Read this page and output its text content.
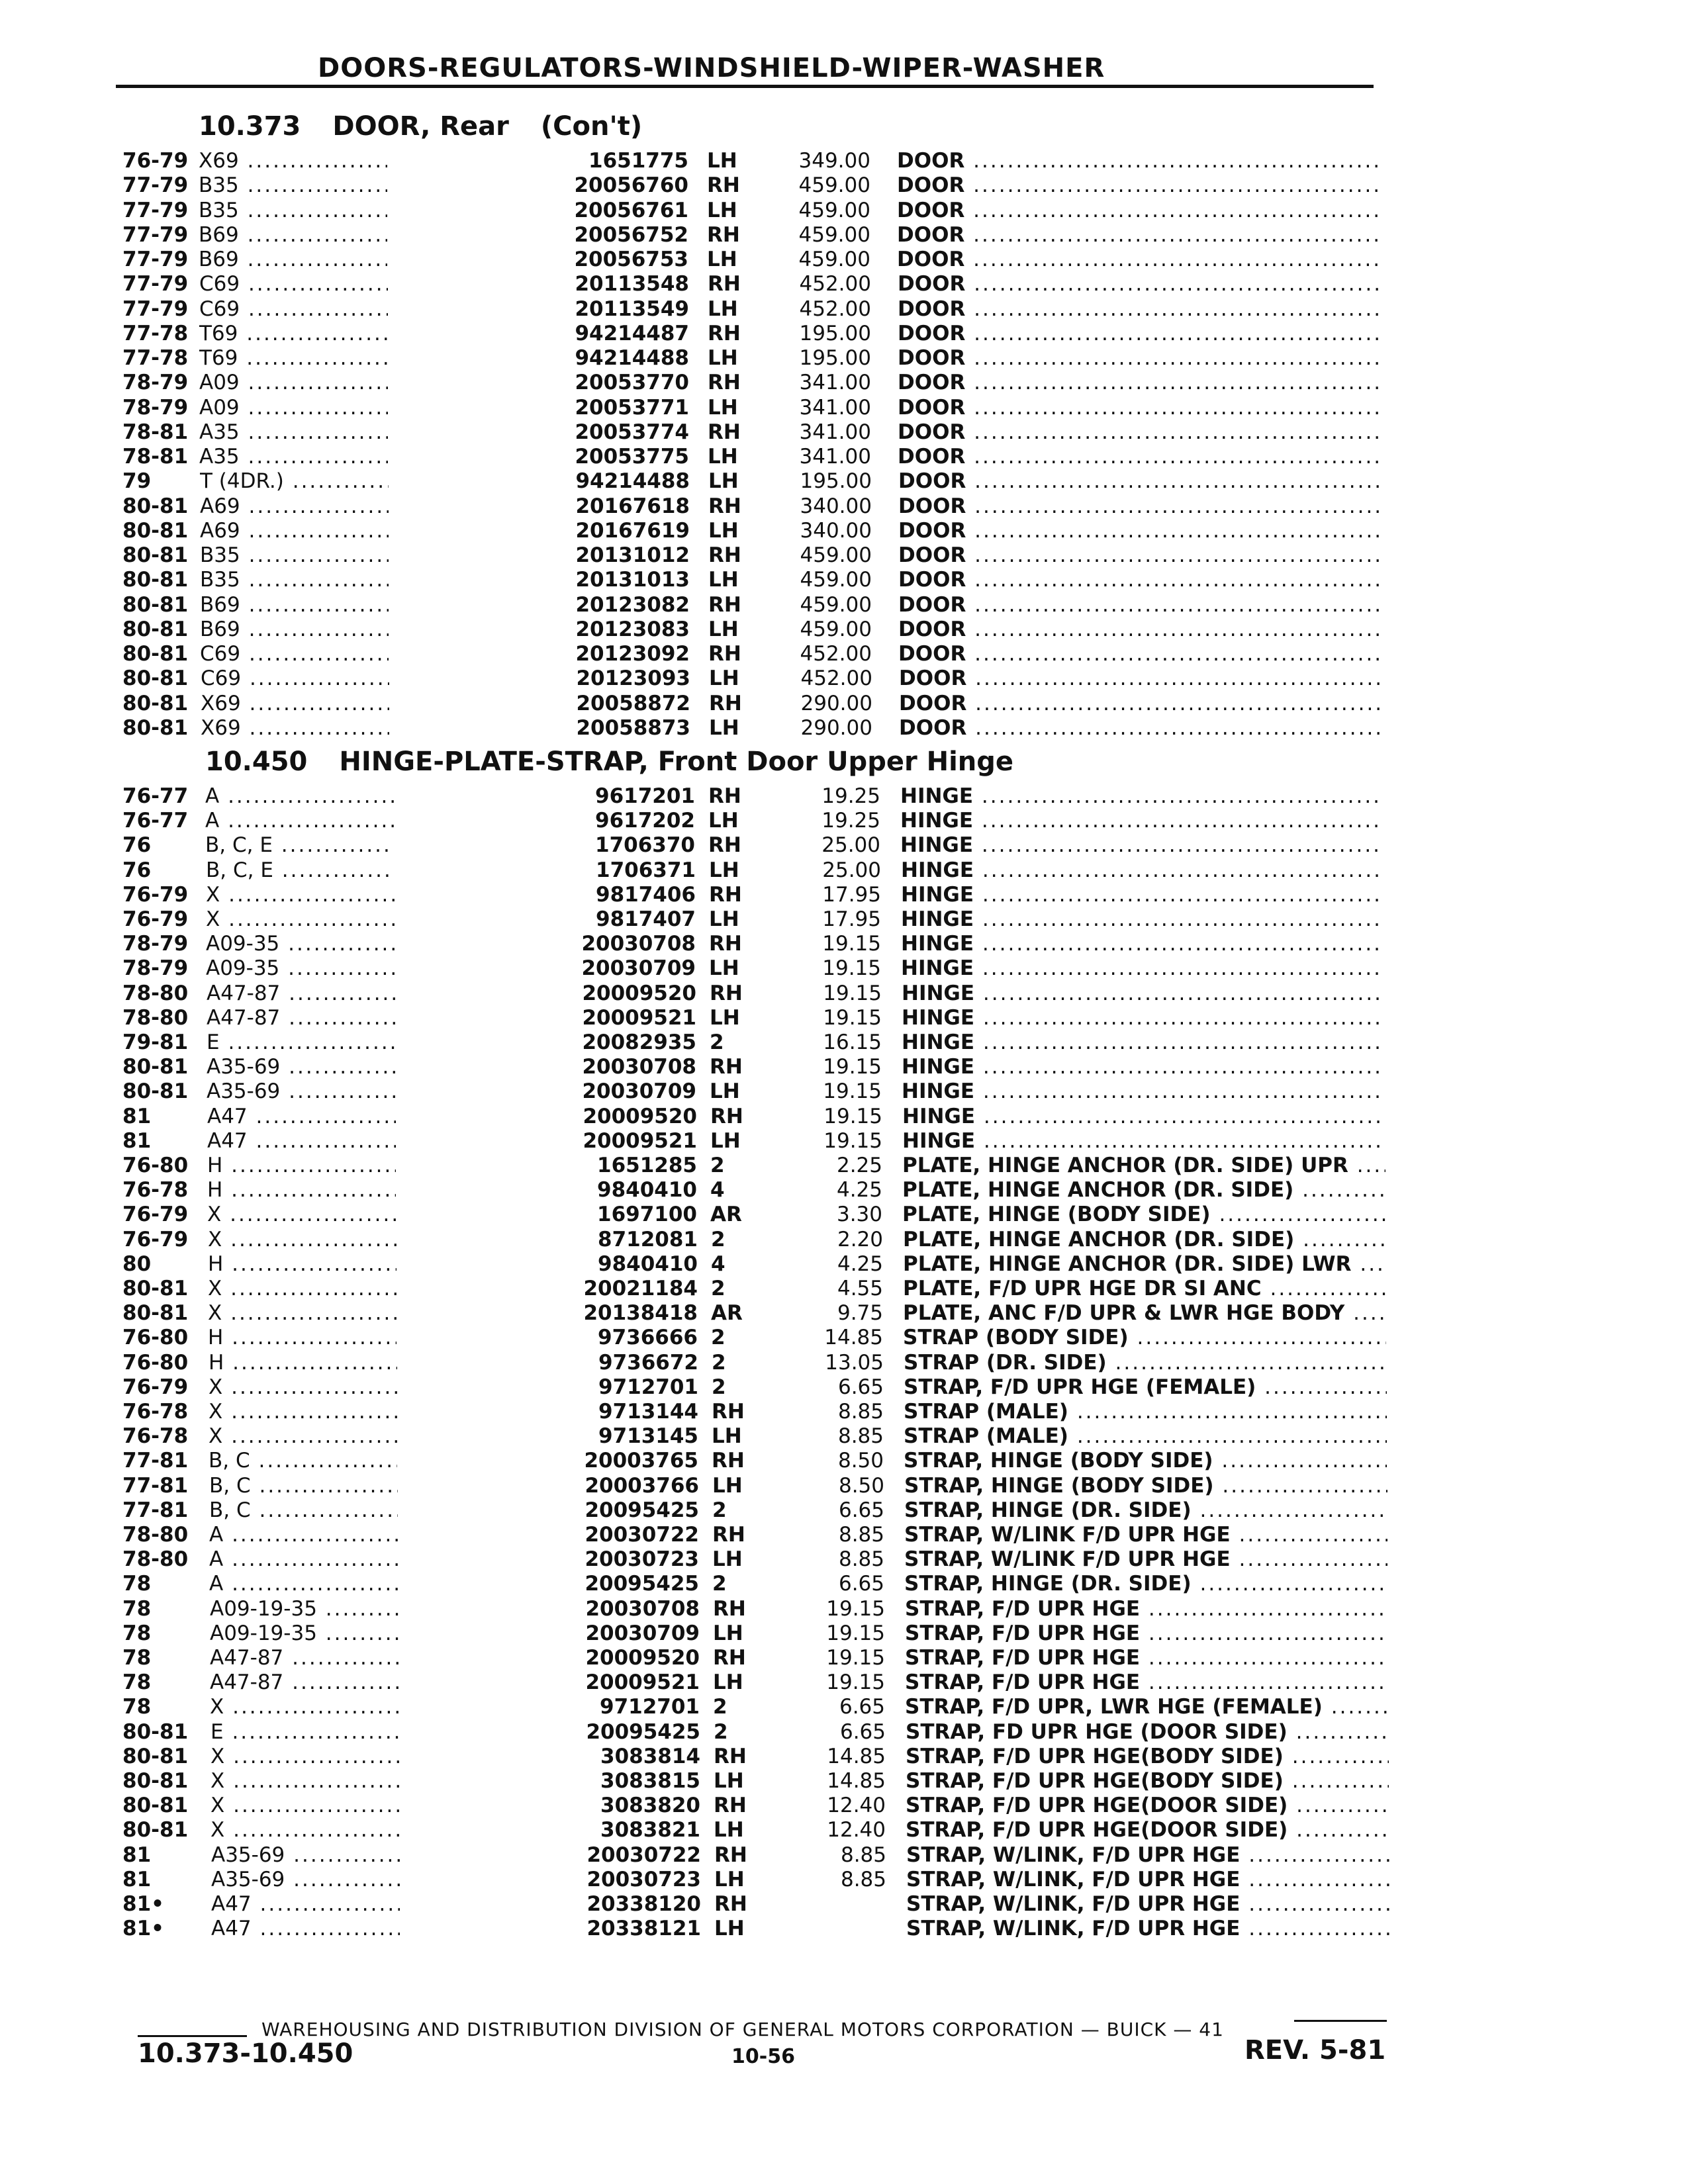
DOORS-REGULATORS-WINDSHIELD-WIPER-WASHER
10.373 DOOR, Rear (Con't)
76-79 X69 .....	1651775 LH	349.00 DOOR .....
77-79 B35 .....	20056760 RH	459.00 DOOR .....
77-79 B35 .....	20056761 LH	459.00 DOOR .....
77-79 B69 .....	20056752 RH	459.00 DOOR .....
77-79 B69 .....	20056753 LH	459.00 DOOR .....
77-79 C69 .....	20113548 RH	452.00 DOOR .....
77-79 C69 .....	20113549 LH	452.00 DOOR .....
77-78 T69 .....	94214487 RH	195.00 DOOR .....
77-78 T69 .....	94214488 LH	195.00 DOOR .....
78-79 A09 .....	20053770 RH	341.00 DOOR .....
78-79 A09 .....	20053771 LH	341.00 DOOR .....
78-81 A35 .....	20053774 RH	341.00 DOOR .....
78-81 A35 .....	20053775 LH	341.00 DOOR .....
79 T (4DR.) .....	94214488 LH	195.00 DOOR .....
80-81 A69 .....	20167618 RH	340.00 DOOR .....
80-81 A69 .....	20167619 LH	340.00 DOOR .....
80-81 B35 .....	20131012 RH	459.00 DOOR .....
80-81 B35 .....	20131013 LH	459.00 DOOR .....
80-81 B69 .....	20123082 RH	459.00 DOOR .....
80-81 B69 .....	20123083 LH	459.00 DOOR .....
80-81 C69 .....	20123092 RH	452.00 DOOR .....
80-81 C69 .....	20123093 LH	452.00 DOOR .....
80-81 X69 .....	20058872 RH	290.00 DOOR .....
80-81 X69 .....	20058873 LH	290.00 DOOR .....
10.450 HINGE-PLATE-STRAP, Front Door Upper Hinge
76-77 A .....	9617201 RH	19.25 HINGE .....
76-77 A .....	9617202 LH	19.25 HINGE .....
76	B, C, E .....	1706370 RH	25.00 HINGE .....
76	B, C, E .....	1706371 LH	25.00 HINGE .....
76-79 X .....	9817406 RH	17.95 HINGE .....
76-79 X .....	9817407 LH	17.95 HINGE .....
78-79 A09-35 .....	20030708 RH	19.15 HINGE .....
78-79 A09-35 .....	20030709 LH	19.15 HINGE .....
78-80 A47-87 .....	20009520 RH	19.15 HINGE .....
78-80 A47-87 .....	20009521 LH	19.15 HINGE .....
79-81 E .....	20082935 2	16.15 HINGE .....
80-81 A35-69 .....	20030708 RH	19.15 HINGE .....
80-81 A35-69 .....	20030709 LH	19.15 HINGE .....
81	A47 .....	20009520 RH	19.15 HINGE .....
81	A47 .....	20009521 LH	19.15 HINGE .....
76-80 H .....	1651285 2	2.25 PLATE, HINGE ANCHOR (DR. SIDE) UPR .....
76-78 H .....	9840410 4	4.25 PLATE, HINGE ANCHOR (DR. SIDE) .....
76-79 X .....	1697100 AR	3.30 PLATE, HINGE (BODY SIDE) .....
76-79 X .....	8712081 2	2.20 PLATE, HINGE ANCHOR (DR. SIDE) .....
80	H .....	9840410 4	4.25 PLATE, HINGE ANCHOR (DR. SIDE) LWR .....
80-81 X .....	20021184 2	4.55 PLATE, F/D UPR HGE DR SI ANC .....
80-81 X .....	20138418 AR	9.75 PLATE, ANC F/D UPR & LWR HGE BODY .....
76-80 H .....	9736666 2	14.85 STRAP (BODY SIDE) .....
76-80 H .....	9736672 2	13.05 STRAP (DR. SIDE) .....
76-79 X .....	9712701 2	6.65 STRAP, F/D UPR HGE (FEMALE) .....
76-78 X .....	9713144 RH	8.85 STRAP (MALE) .....
76-78 X .....	9713145 LH	8.85 STRAP (MALE) .....
77-81 B, C .....	20003765 RH	8.50 STRAP, HINGE (BODY SIDE) .....
77-81 B, C .....	20003766 LH	8.50 STRAP, HINGE (BODY SIDE) .....
77-81 B, C .....	20095425 2	6.65 STRAP, HINGE (DR. SIDE) .....
78-80 A .....	20030722 RH	8.85 STRAP, W/LINK F/D UPR HGE .....
78-80 A .....	20030723 LH	8.85 STRAP, W/LINK F/D UPR HGE .....
78	A .....	20095425 2	6.65 STRAP, HINGE (DR. SIDE) .....
78	A09-19-35 .....	20030708 RH	19.15 STRAP, F/D UPR HGE .....
78	A09-19-35 .....	20030709 LH	19.15 STRAP, F/D UPR HGE .....
78	A47-87 .....	20009520 RH	19.15 STRAP, F/D UPR HGE .....
78	A47-87 .....	20009521 LH	19.15 STRAP, F/D UPR HGE .....
78	X .....	9712701 2	6.65 STRAP, F/D UPR, LWR HGE (FEMALE) .....
80-81 E .....	20095425 2	6.65 STRAP, FD UPR HGE (DOOR SIDE) .....
80-81 X .....	3083814 RH	14.85 STRAP, F/D UPR HGE(BODY SIDE) .....
80-81 X .....	3083815 LH	14.85 STRAP, F/D UPR HGE(BODY SIDE) .....
80-81 X .....	3083820 RH	12.40 STRAP, F/D UPR HGE(DOOR SIDE) .....
80-81 X .....	3083821 LH	12.40 STRAP, F/D UPR HGE(DOOR SIDE) .....
81	A35-69 .....	20030722 RH	8.85 STRAP, W/LINK, F/D UPR HGE .....
81	A35-69 .....	20030723 LH	8.85 STRAP, W/LINK, F/D UPR HGE .....
81• A47 .....	20338120 RH	STRAP, W/LINK, F/D UPR HGE .....
81• A47 .....	20338121 LH	STRAP, W/LINK, F/D UPR HGE .....
WAREHOUSING AND DISTRIBUTION DIVISION OF GENERAL MOTORS CORPORATION — BUICK — 41
10.373-10.450	10-56	REV. 5-81
